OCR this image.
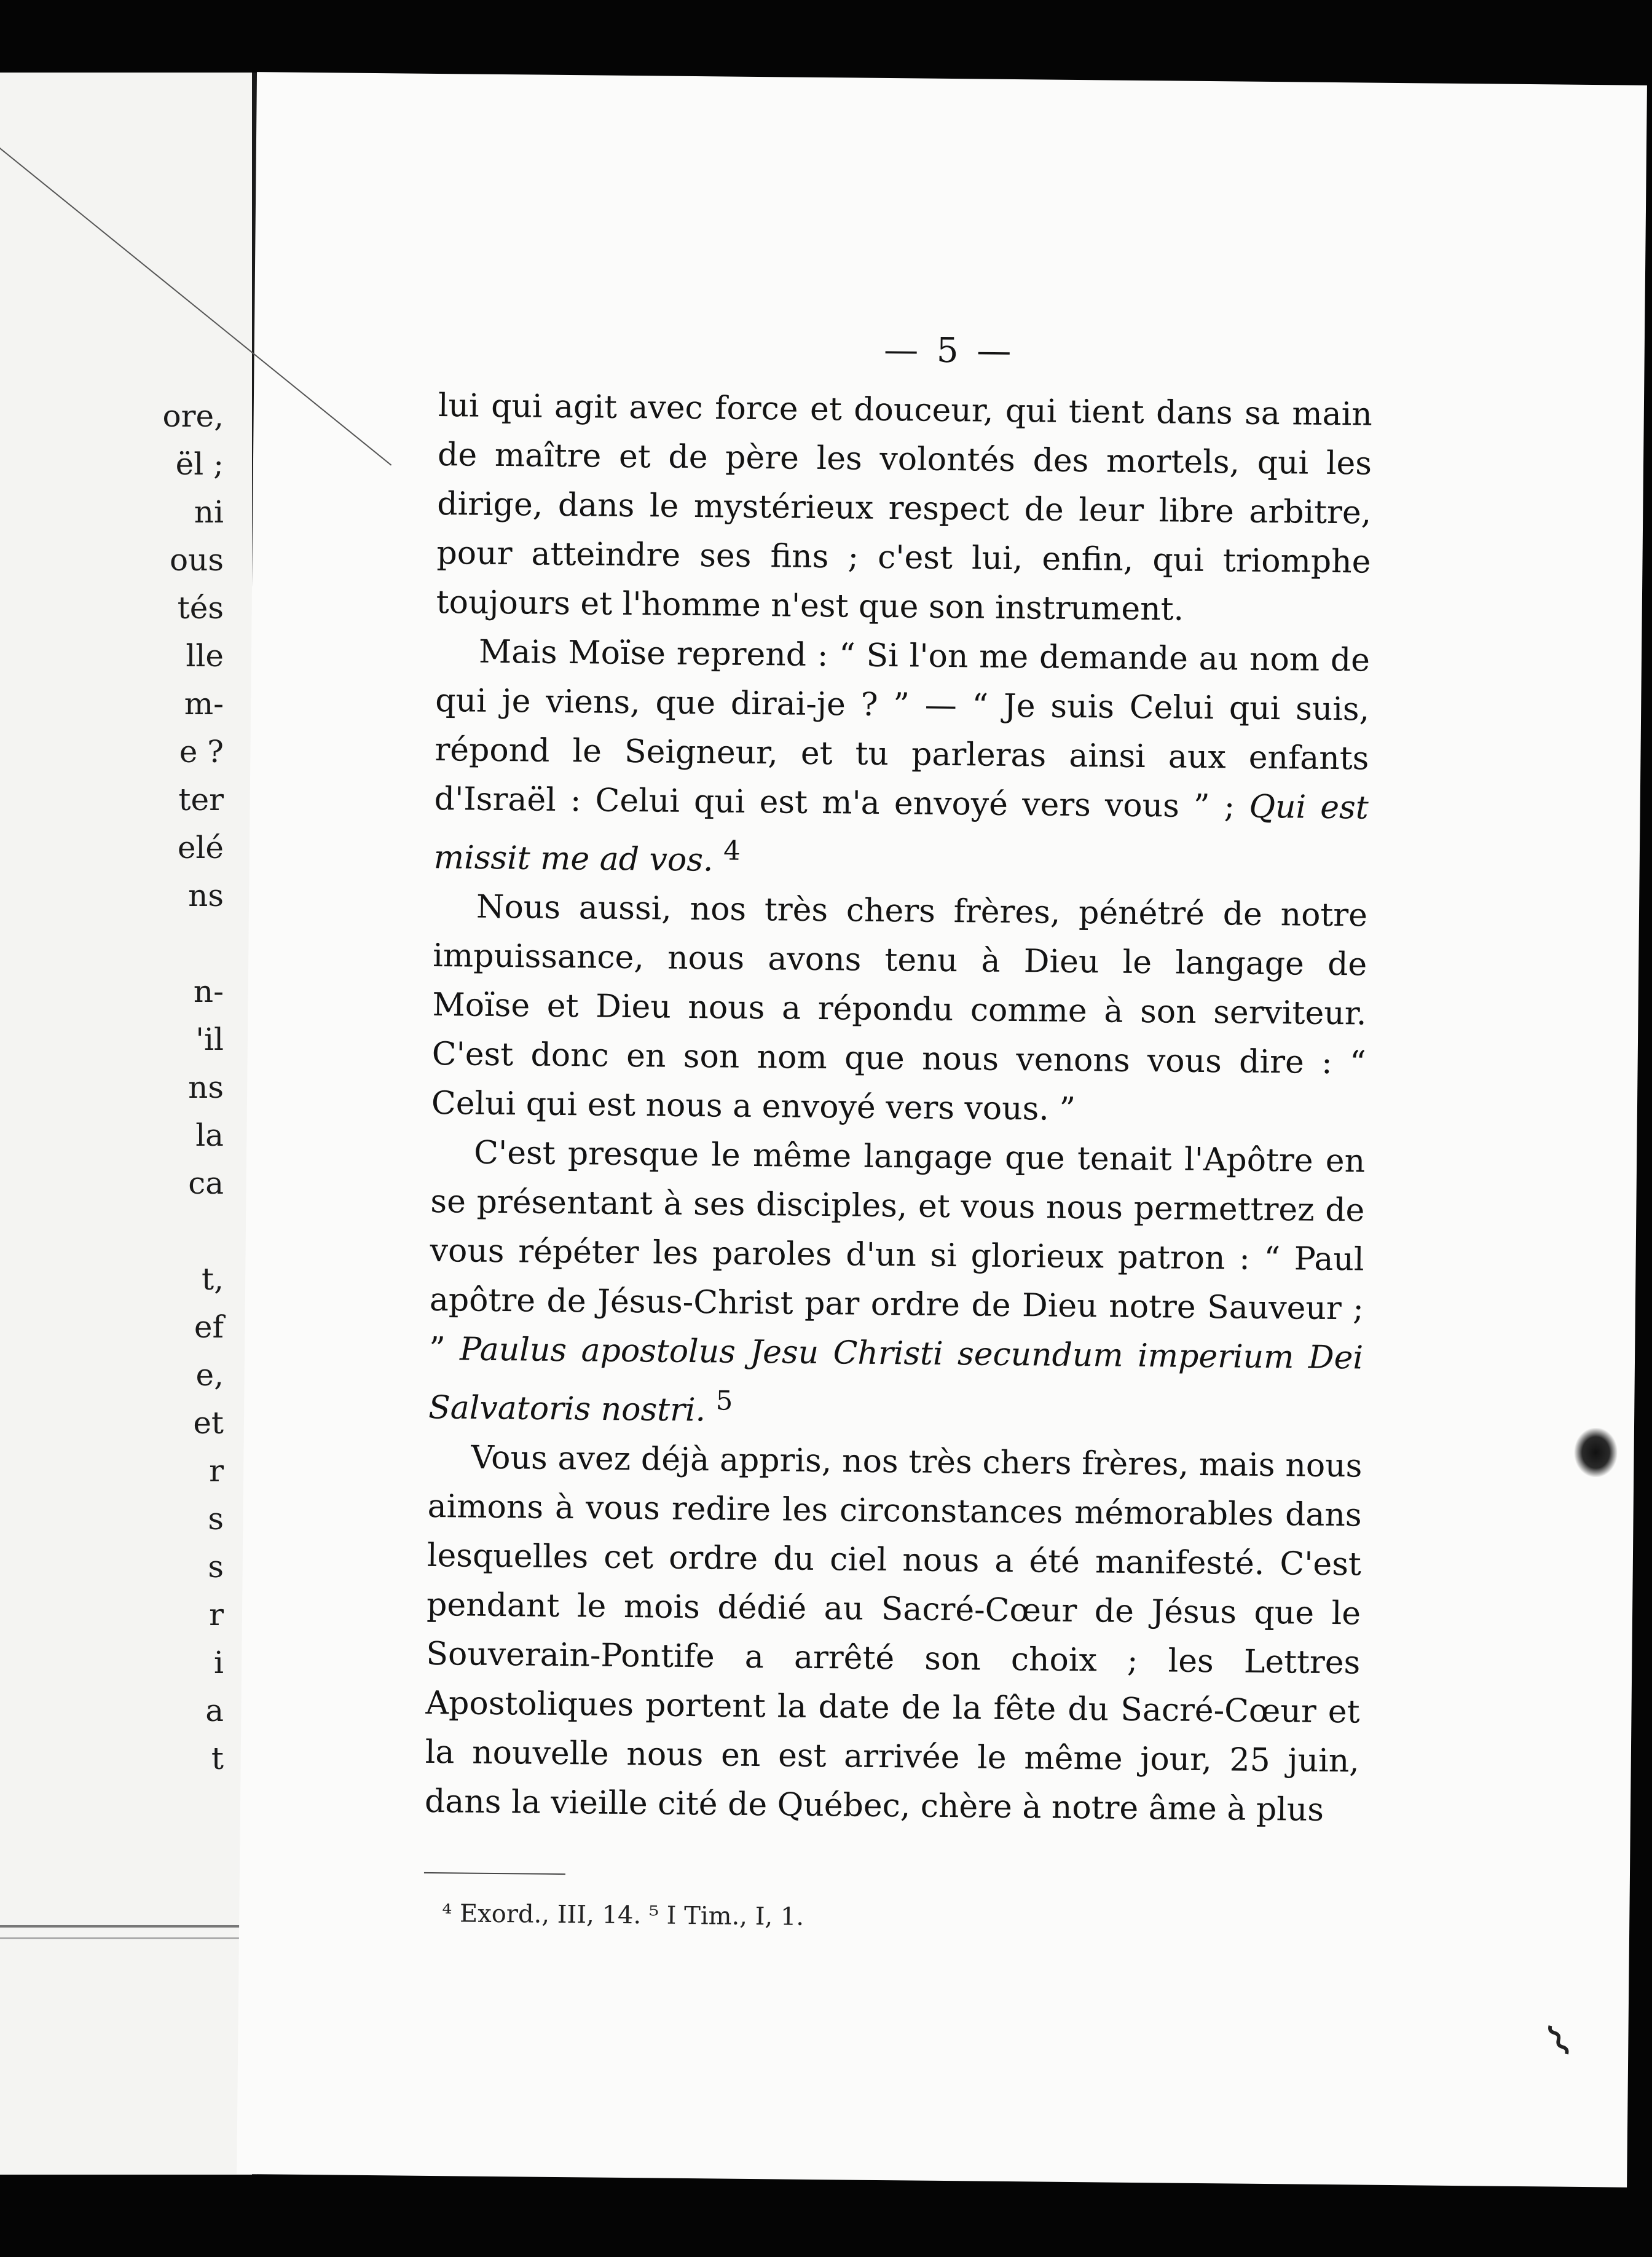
ore,
ël ;
ni
ous
tés
lle
m-
e ?
ter
elé
ns

n-
'il
ns
la
ca

t,
ef
e,
et
r
s
s
r
i
a
t
— 5 —

lui qui agit avec force et douceur, qui tient dans sa main de maître et de père les volontés des mortels, qui les dirige, dans le mystérieux respect de leur libre arbitre, pour atteindre ses fins ; c'est lui, enfin, qui triomphe toujours et l'homme n'est que son instrument.

Mais Moïse reprend : “ Si l'on me demande au nom de qui je viens, que dirai-je ? ” — “ Je suis Celui qui suis, répond le Seigneur, et tu parleras ainsi aux enfants d'Israël : Celui qui est m'a envoyé vers vous ” ; Qui est missit me ad vos. $^4$

Nous aussi, nos très chers frères, pénétré de notre impuissance, nous avons tenu à Dieu le langage de Moïse et Dieu nous a répondu comme à son serviteur. C'est donc en son nom que nous venons vous dire : “ Celui qui est nous a envoyé vers vous. ”

C'est presque le même langage que tenait l'Apôtre en se présentant à ses disciples, et vous nous permettrez de vous répéter les paroles d'un si glorieux patron : “ Paul apôtre de Jésus-Christ par ordre de Dieu notre Sauveur ; ” Paulus apostolus Jesu Christi secundum imperium Dei Salvatoris nostri. $^5$

Vous avez déjà appris, nos très chers frères, mais nous aimons à vous redire les circonstances mémorables dans lesquelles cet ordre du ciel nous a été manifesté. C'est pendant le mois dédié au Sacré-Cœur de Jésus que le Souverain-Pontife a arrêté son choix ; les Lettres Apostoliques portent la date de la fête du Sacré-Cœur et la nouvelle nous en est arrivée le même jour, 25 juin, dans la vieille cité de Québec, chère à notre âme à plus

⁴ Exord., III, 14. ⁵ I Tim., I, 1.

⌇
